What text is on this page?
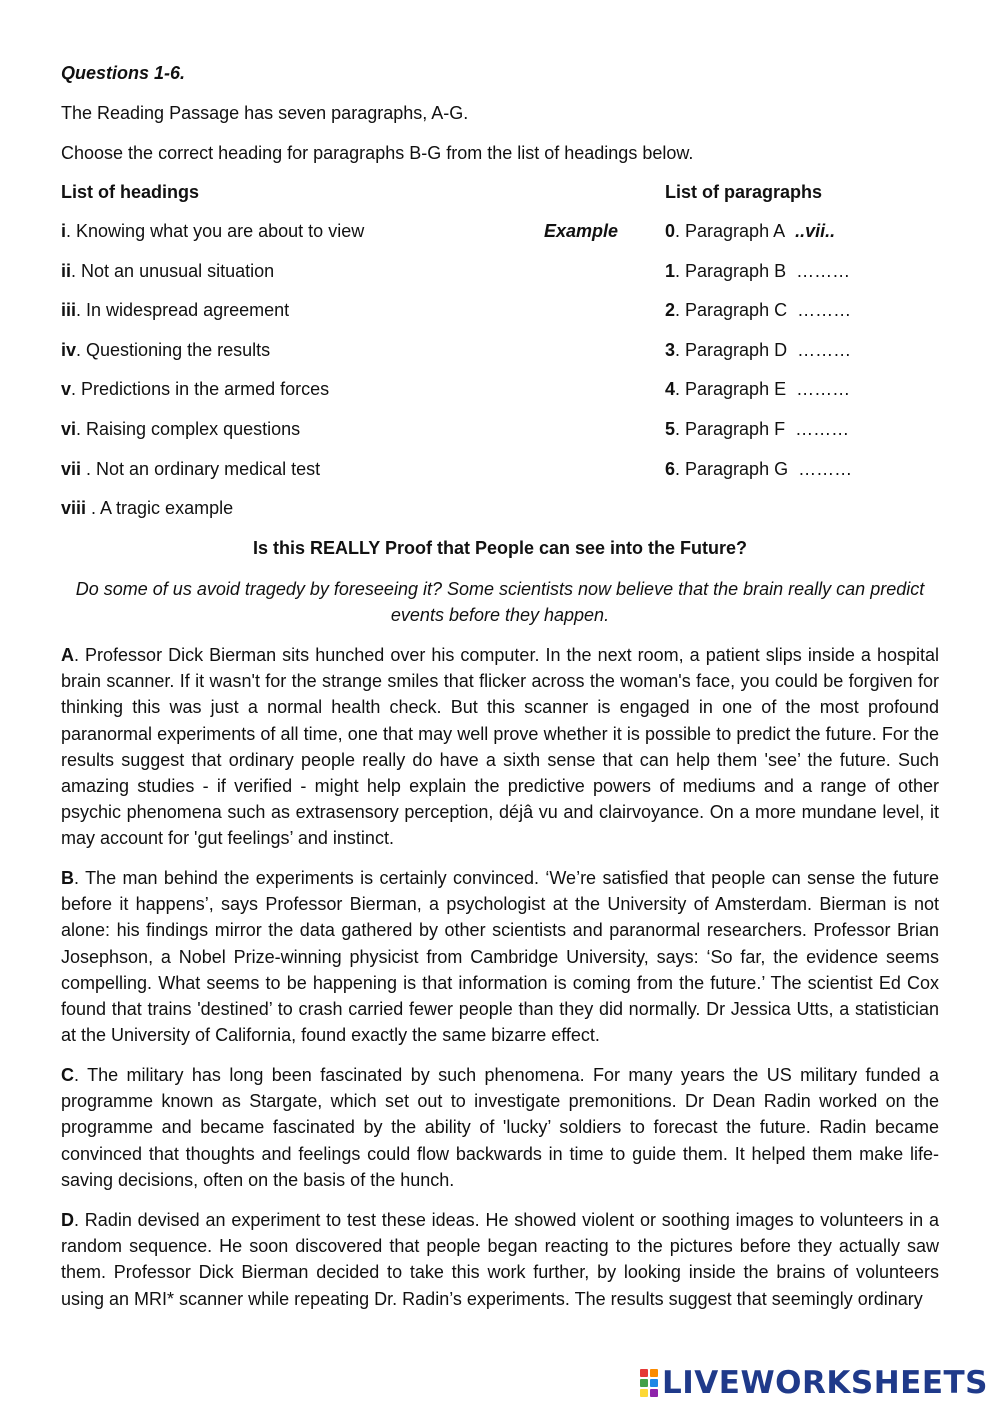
Questions 1-6.
The Reading Passage has seven paragraphs, A-G.
Choose the correct heading for paragraphs B-G from the list of headings below.
List of headings	List of paragraphs
i. Knowing what you are about to view
ii. Not an unusual situation
iii. In widespread agreement
iv. Questioning the results
v. Predictions in the armed forces
vi. Raising complex questions
vii . Not an ordinary medical test
viii . A tragic example
Example	0. Paragraph A ..vii..
1. Paragraph B ………
2. Paragraph C ………
3. Paragraph D ………
4. Paragraph E ………
5. Paragraph F ………
6. Paragraph G ………
Is this REALLY Proof that People can see into the Future?
Do some of us avoid tragedy by foreseeing it? Some scientists now believe that the brain really can predict events before they happen.
A. Professor Dick Bierman sits hunched over his computer. In the next room, a patient slips inside a hospital brain scanner. If it wasn't for the strange smiles that flicker across the woman's face, you could be forgiven for thinking this was just a normal health check. But this scanner is engaged in one of the most profound paranormal experiments of all time, one that may well prove whether it is possible to predict the future. For the results suggest that ordinary people really do have a sixth sense that can help them 'see’ the future. Such amazing studies - if verified - might help explain the predictive powers of mediums and a range of other psychic phenomena such as extrasensory perception, déjâ vu and clairvoyance. On a more mundane level, it may account for 'gut feelings’ and instinct.
B. The man behind the experiments is certainly convinced. ‘We’re satisfied that people can sense the future before it happens’, says Professor Bierman, a psychologist at the University of Amsterdam. Bierman is not alone: his findings mirror the data gathered by other scientists and paranormal researchers. Professor Brian Josephson, a Nobel Prize-winning physicist from Cambridge University, says: ‘So far, the evidence seems compelling. What seems to be happening is that information is coming from the future.’ The scientist Ed Cox found that trains 'destined’ to crash carried fewer people than they did normally. Dr Jessica Utts, a statistician at the University of California, found exactly the same bizarre effect.
C. The military has long been fascinated by such phenomena. For many years the US military funded a programme known as Stargate, which set out to investigate premonitions. Dr Dean Radin worked on the programme and became fascinated by the ability of 'lucky’ soldiers to forecast the future. Radin became convinced that thoughts and feelings could flow backwards in time to guide them. It helped them make life-saving decisions, often on the basis of the hunch.
D. Radin devised an experiment to test these ideas. He showed violent or soothing images to volunteers in a random sequence. He soon discovered that people began reacting to the pictures before they actually saw them. Professor Dick Bierman decided to take this work further, by looking inside the brains of volunteers using an MRI* scanner while repeating Dr. Radin’s experiments. The results suggest that seemingly ordinary
LIVEWORKSHEETS
